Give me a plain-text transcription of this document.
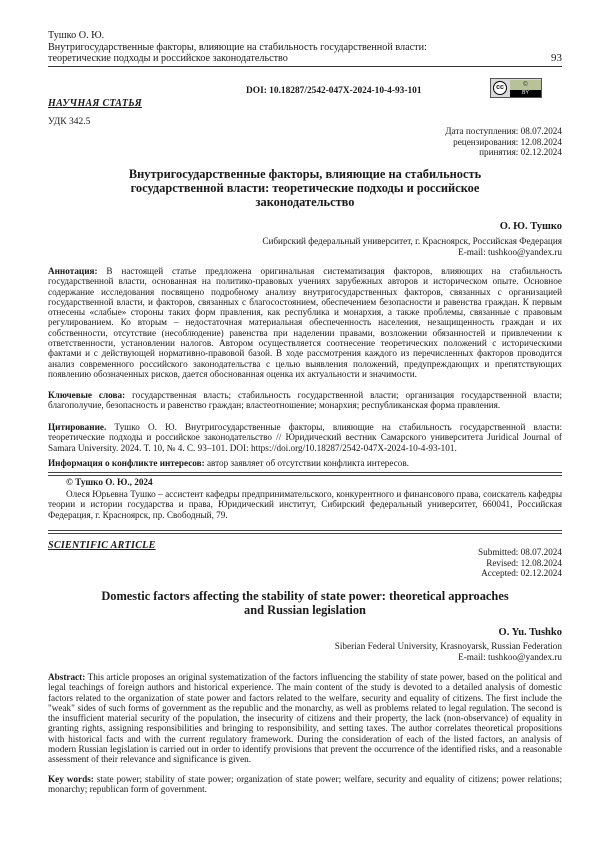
Тушко О. Ю.
Внутригосударственные факторы, влияющие на стабильность государственной власти:
теоретические подходы и российское законодательство	93
DOI: 10.18287/2542-047X-2024-10-4-93-101	cc	©
BY
НАУЧНАЯ СТАТЬЯ
УДК 342.5
Дата поступления: 08.07.2024
рецензирования: 12.08.2024
принятия: 02.12.2024
Внутригосударственные факторы, влияющие на стабильность
государственной власти: теоретические подходы и российское
законодательство
О. Ю. Тушко
Сибирский федеральный университет, г. Красноярск, Российская Федерация
E-mail: tushkoo@yandex.ru
Аннотация: В настоящей статье предложена оригинальная систематизация факторов, влияющих на стабильность государственной власти, основанная на политико-правовых учениях зарубежных авторов и историческом опыте. Основное содержание исследования посвящено подробному анализу внутригосударственных факторов, связанных с организацией государственной власти, и факторов, связанных с благосостоянием, обеспечением безопасности и равенства граждан. К первым отнесены «слабые» стороны таких форм правления, как республика и монархия, а также проблемы, связанные с правовым регулированием. Ко вторым – недостаточная материальная обеспеченность населения, незащищенность граждан и их собственности, отсутствие (несоблюдение) равенства при наделении правами, возложении обязанностей и привлечении к ответственности, установлении налогов. Автором осуществляется соотнесение теоретических положений с историческими фактами и с действующей нормативно-правовой базой. В ходе рассмотрения каждого из перечисленных факторов проводится анализ современного российского законодательства с целью выявления положений, предупреждающих и препятствующих появлению обозначенных рисков, дается обоснованная оценка их актуальности и значимости.
Ключевые слова: государственная власть; стабильность государственной власти; организация государственной власти; благополучие, безопасность и равенство граждан; властеотношение; монархия; республиканская форма правления.
Цитирование. Тушко О. Ю. Внутригосударственные факторы, влияющие на стабильность государственной власти: теоретические подходы и российское законодательство // Юридический вестник Самарского университета Juridical Journal of Samara University. 2024. Т. 10, № 4. С. 93–101. DOI: https://doi.org/10.18287/2542-047X-2024-10-4-93-101.
Информация о конфликте интересов: автор заявляет об отсутствии конфликта интересов.
© Тушко О. Ю., 2024
Олеся Юрьевна Тушко – ассистент кафедры предпринимательского, конкурентного и финансового права, соискатель кафедры теории и истории государства и права, Юридический институт, Сибирский федеральный университет, 660041, Российская Федерация, г. Красноярск, пр. Свободный, 79.
SCIENTIFIC ARTICLE
Submitted: 08.07.2024
Revised: 12.08.2024
Accepted: 02.12.2024
Domestic factors affecting the stability of state power: theoretical approaches
and Russian legislation
O. Yu. Tushko
Siberian Federal University, Krasnoyarsk, Russian Federation
E-mail: tushkoo@yandex.ru
Abstract: This article proposes an original systematization of the factors influencing the stability of state power, based on the political and legal teachings of foreign authors and historical experience. The main content of the study is devoted to a detailed analysis of domestic factors related to the organization of state power and factors related to the welfare, security and equality of citizens. The first include the "weak" sides of such forms of government as the republic and the monarchy, as well as problems related to legal regulation. The second is the insufficient material security of the population, the insecurity of citizens and their property, the lack (non-observance) of equality in granting rights, assigning responsibilities and bringing to responsibility, and setting taxes. The author correlates theoretical propositions with historical facts and with the current regulatory framework. During the consideration of each of the listed factors, an analysis of modern Russian legislation is carried out in order to identify provisions that prevent the occurrence of the identified risks, and a reasonable assessment of their relevance and significance is given.
Key words: state power; stability of state power; organization of state power; welfare, security and equality of citizens; power relations; monarchy; republican form of government.
